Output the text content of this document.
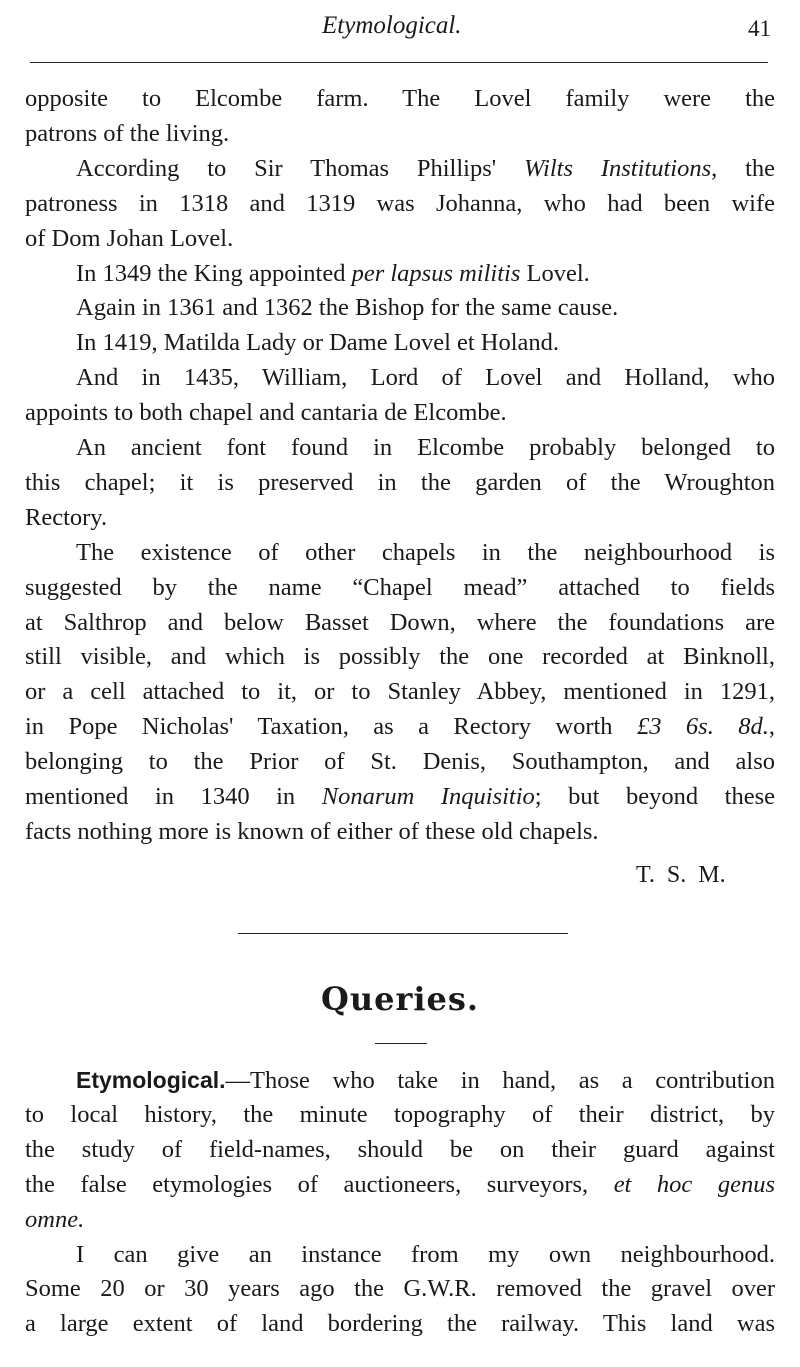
Etymological.	41
opposite to Elcombe farm. The Lovel family were the
patrons of the living.
According to Sir Thomas Phillips' Wilts Institutions, the
patroness in 1318 and 1319 was Johanna, who had been wife
of Dom Johan Lovel.
In 1349 the King appointed per lapsus militis Lovel.
Again in 1361 and 1362 the Bishop for the same cause.
In 1419, Matilda Lady or Dame Lovel et Holand.
And in 1435, William, Lord of Lovel and Holland, who
appoints to both chapel and cantaria de Elcombe.
An ancient font found in Elcombe probably belonged to
this chapel; it is preserved in the garden of the Wroughton
Rectory.
The existence of other chapels in the neighbourhood is
suggested by the name “Chapel mead” attached to fields
at Salthrop and below Basset Down, where the foundations are
still visible, and which is possibly the one recorded at Binknoll,
or a cell attached to it, or to Stanley Abbey, mentioned in 1291,
in Pope Nicholas' Taxation, as a Rectory worth £3 6s. 8d.,
belonging to the Prior of St. Denis, Southampton, and also
mentioned in 1340 in Nonarum Inquisitio; but beyond these
facts nothing more is known of either of these old chapels.
T. S. M.
Queries.
Etymological.—Those who take in hand, as a contribution
to local history, the minute topography of their district, by
the study of field-names, should be on their guard against
the false etymologies of auctioneers, surveyors, et hoc genus
omne.
I can give an instance from my own neighbourhood.
Some 20 or 30 years ago the G.W.R. removed the gravel over
a large extent of land bordering the railway. This land was
